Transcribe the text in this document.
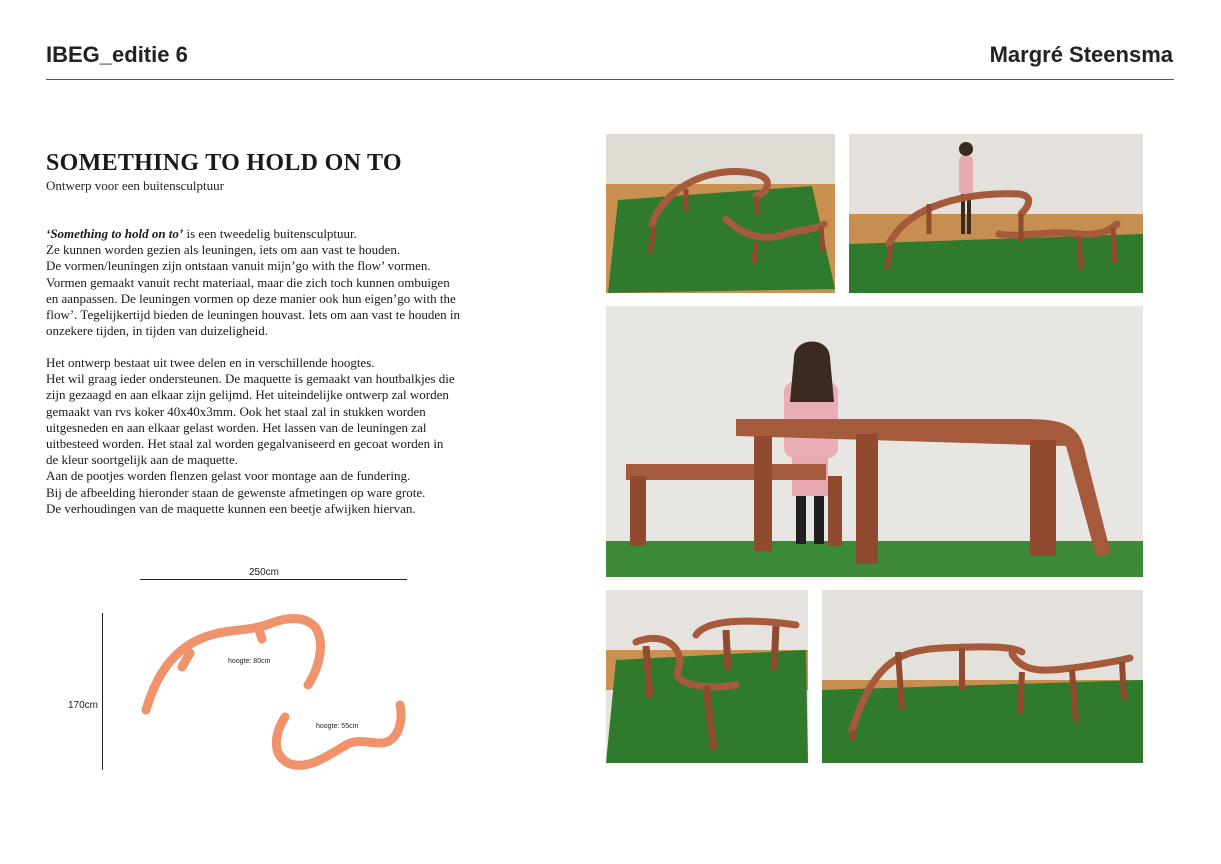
IBEG_editie 6	Margré Steensma
SOMETHING TO HOLD ON TO
Ontwerp voor een buitensculptuur
‘Something to hold on to’ is een tweedelig buitensculptuur.
Ze kunnen worden gezien als leuningen, iets om aan vast te houden.
De vormen/leuningen zijn ontstaan vanuit mijn’go with the flow’ vormen.
Vormen gemaakt vanuit recht materiaal, maar die zich toch kunnen ombuigen
en aanpassen. De leuningen vormen op deze manier ook hun eigen’go with the
flow’. Tegelijkertijd bieden de leuningen houvast. Iets om aan vast te houden in
onzekere tijden, in tijden van duizeligheid.
Het ontwerp bestaat uit twee delen en in verschillende hoogtes.
Het wil graag ieder ondersteunen. De maquette is gemaakt van houtbalkjes die
zijn gezaagd en aan elkaar zijn gelijmd. Het uiteindelijke ontwerp zal worden
gemaakt van rvs koker 40x40x3mm. Ook het staal zal in stukken worden
uitgesneden en aan elkaar gelast worden. Het lassen van de leuningen zal
uitbesteed worden. Het staal zal worden gegalvaniseerd en gecoat worden in
de kleur soortgelijk aan de maquette.
Aan de pootjes worden flenzen gelast voor montage aan de fundering.
Bij de afbeelding hieronder staan de gewenste afmetingen op ware grote.
De verhoudingen van de maquette kunnen een beetje afwijken hiervan.
250cm
170cm
hoogte: 80cm
hoogte: 55cm
